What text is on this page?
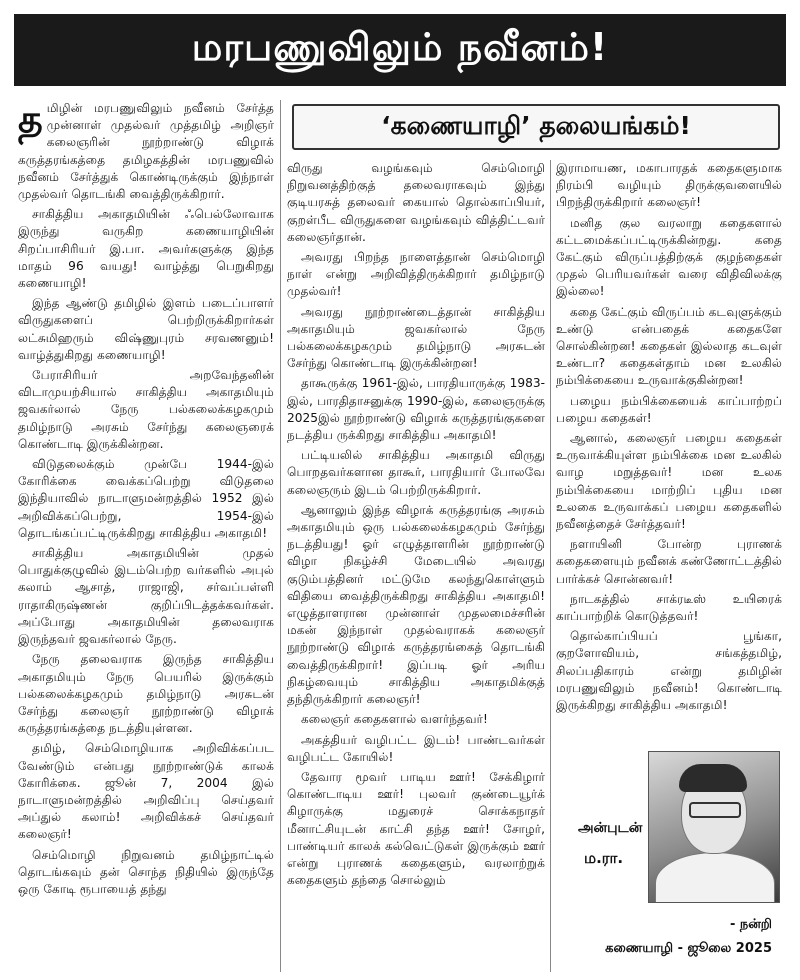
மரபணுவிலும் நவீனம்!
‘கணையாழி’ தலையங்கம்!

த மிழின் மரபணுவிலும் நவீனம் சேர்த்த முன்னாள் முதல்வர் முத்தமிழ் அறிஞர் கலைஞரின் நூற்றாண்டு விழாக் கருத்தரங்கத்தை தமிழகத்தின் மரபணுவில் நவீனம் சேர்த்துக் கொண்டிருக்கும் இந்நாள் முதல்வர் தொடங்கி வைத்திருக்கிறார்.

சாகித்திய அகாதமியின் ஃபெல்லோவாக இருந்து வருகிற கணையாழியின் சிறப்பாசிரியர் இ.பா. அவர்களுக்கு இந்த மாதம் 96 வயது! வாழ்த்து பெறுகிறது கணையாழி!

இந்த ஆண்டு தமிழில் இளம் படைப்பாளர் விருதுகளைப் பெற்றிருக்கிறார்கள் லட்சுமிஹரும் விஷ்ணுபுரம் சரவணனும்! வாழ்த்துகிறது கணையாழி!

பேராசிரியர் அறவேந்தனின் விடாமுயற்சியால் சாகித்திய அகாதமியும் ஜவகர்லால் நேரு பல்கலைக்கழகமும் தமிழ்நாடு அரசும் சேர்ந்து கலைஞரைக் கொண்டாடி இருக்கின்றன.

விடுதலைக்கும் முன்பே 1944-இல் கோரிக்கை வைக்கப்பெற்று விடுதலை இந்தியாவில் நாடாளுமன்றத்தில் 1952 இல் அறிவிக்கப்பெற்று, 1954-இல் தொடங்கப்பட்டிருக்கிறது சாகித்திய அகாதமி!

சாகித்திய அகாதமியின் முதல் பொதுக்குழுவில் இடம்பெற்ற வர்களில் அபுல் கலாம் ஆசாத், ராஜாஜி, சர்வப்பள்ளி ராதாகிருஷ்ணன் குறிப்பிடத்தக்கவர்கள். அப்போது அகாதமியின் தலைவராக இருந்தவர் ஜவகர்லால் நேரு.

நேரு தலைவராக இருந்த சாகித்திய அகாதமியும் நேரு பெயரில் இருக்கும் பல்கலைக்கழகமும் தமிழ்நாடு அரசுடன் சேர்ந்து கலைஞர் நூற்றாண்டு விழாக் கருத்தரங்கத்தை நடத்தியுள்ளன.

தமிழ், செம்மொழியாக அறிவிக்கப்பட வேண்டும் என்பது நூற்றாண்டுக் காலக் கோரிக்கை. ஜூன் 7, 2004 இல் நாடாளுமன்றத்தில் அறிவிப்பு செய்தவர் அப்துல் கலாம்! அறிவிக்கச் செய்தவர் கலைஞர்!

செம்மொழி நிறுவனம் தமிழ்நாட்டில் தொடங்கவும் தன் சொந்த நிதியில் இருந்தே ஒரு கோடி ரூபாயைத் தந்து

விருது வழங்கவும் செம்மொழி நிறுவனத்திற்குத் தலைவராகவும் இந்து குடியரசுத் தலைவர் கையால் தொல்காப்பியர், குறள்பீட விருதுகளை வழங்கவும் வித்திட்டவர் கலைஞர்தான்.

அவரது பிறந்த நாளைத்தான் செம்மொழி நாள் என்று அறிவித்திருக்கிறார் தமிழ்நாடு முதல்வர்!

அவரது நூற்றாண்டைத்தான் சாகித்திய அகாதமியும் ஜவகர்லால் நேரு பல்கலைக்கழகமும் தமிழ்நாடு அரசுடன் சேர்ந்து கொண்டாடி இருக்கின்றன!

தாகூருக்கு 1961-இல், பாரதியாருக்கு 1983-இல், பாரதிதாசனுக்கு 1990-இல், கலைஞருக்கு 2025இல் நூற்றாண்டு விழாக் கருத்தரங்குகளை நடத்திய ருக்கிறது சாகித்திய அகாதமி!

பட்டியலில் சாகித்திய அகாதமி விருது பொறதவர்களான தாகூர், பாரதியார் போலவே கலைஞரும் இடம் பெற்றிருக்கிறார்.

ஆனாலும் இந்த விழாக் கருத்தரங்கு அரசும் அகாதமியும் ஒரு பல்கலைக்கழகமும் சேர்ந்து நடத்தியது! ஓர் எழுத்தாளரின் நூற்றாண்டு விழா நிகழ்ச்சி மேடையில் அவரது குடும்பத்தினர் மட்டுமே கலந்துகொள்ளும் விதியை வைத்திருக்கிறது சாகித்திய அகாதமி! எழுத்தாளரான முன்னாள் முதலமைச்சரின் மகன் இந்நாள் முதல்வராகக் கலைஞர் நூற்றாண்டு விழாக் கருத்தரங்கைத் தொடங்கி வைத்திருக்கிறார்! இப்படி ஓர் அரிய நிகழ்வையும் சாகித்திய அகாதமிக்குத் தந்திருக்கிறார் கலைஞர்!

கலைஞர் கதைகளால் வளர்ந்தவர்!

அகத்தியர் வழிபட்ட இடம்! பாண்டவர்கள் வழிபட்ட கோயில்!

தேவார மூவர் பாடிய ஊர்! சேக்கிழார் கொண்டாடிய ஊர்! புலவர் குண்டையூர்க் கிழாருக்கு மதுரைச் சொக்கநாதர் மீனாட்சியுடன் காட்சி தந்த ஊர்! சோழர், பாண்டியர் காலக் கல்வெட்டுகள் இருக்கும் ஊர் என்று புராணக் கதைகளும், வரலாற்றுக் கதைகளும் தந்தை சொல்லும்

இராமாயண, மகாபாரதக் கதைகளுமாக நிரம்பி வழியும் திருக்குவளையில் பிறந்திருக்கிறார் கலைஞர்!

மனித குல வரலாறு கதைகளால் கட்டமைக்கப்பட்டிருக்கின்றது. கதை கேட்கும் விருப்பத்திற்குக் குழந்தைகள் முதல் பெரியவர்கள் வரை விதிவிலக்கு இல்லை!

கதை கேட்கும் விருப்பம் கடவுளுக்கும் உண்டு என்பதைக் கதைகளே சொல்கின்றன! கதைகள் இல்லாத கடவுள் உண்டா? கதைகள்தாம் மன உலகில் நம்பிக்கையை உருவாக்குகின்றன!

பழைய நம்பிக்கையைக் காப்பாற்றப் பழைய கதைகள்!

ஆனால், கலைஞர் பழைய கதைகள் உருவாக்கியுள்ள நம்பிக்கை மன உலகில் வாழ மறுத்தவர்! மன உலக நம்பிக்கையை மாற்றிப் புதிய மன உலகை உருவாக்கப் பழைய கதைகளில் நவீனத்தைச் சேர்த்தவர்!

நளாயினி போன்ற புராணக் கதைகளையும் நவீனக் கண்ணோட்டத்தில் பார்க்கச் சொன்னவர்!

நாடகத்தில் சாக்ரடீஸ் உயிரைக் காப்பாற்றிக் கொடுத்தவர்!

தொல்காப்பியப் பூங்கா, குறளோவியம், சங்கத்தமிழ், சிலப்பதிகாரம் என்று தமிழின் மரபணுவிலும் நவீனம்! கொண்டாடி இருக்கிறது சாகித்திய அகாதமி!

அன்புடன்
ம.ரா.
- நன்றி
கணையாழி - ஜூலை 2025
